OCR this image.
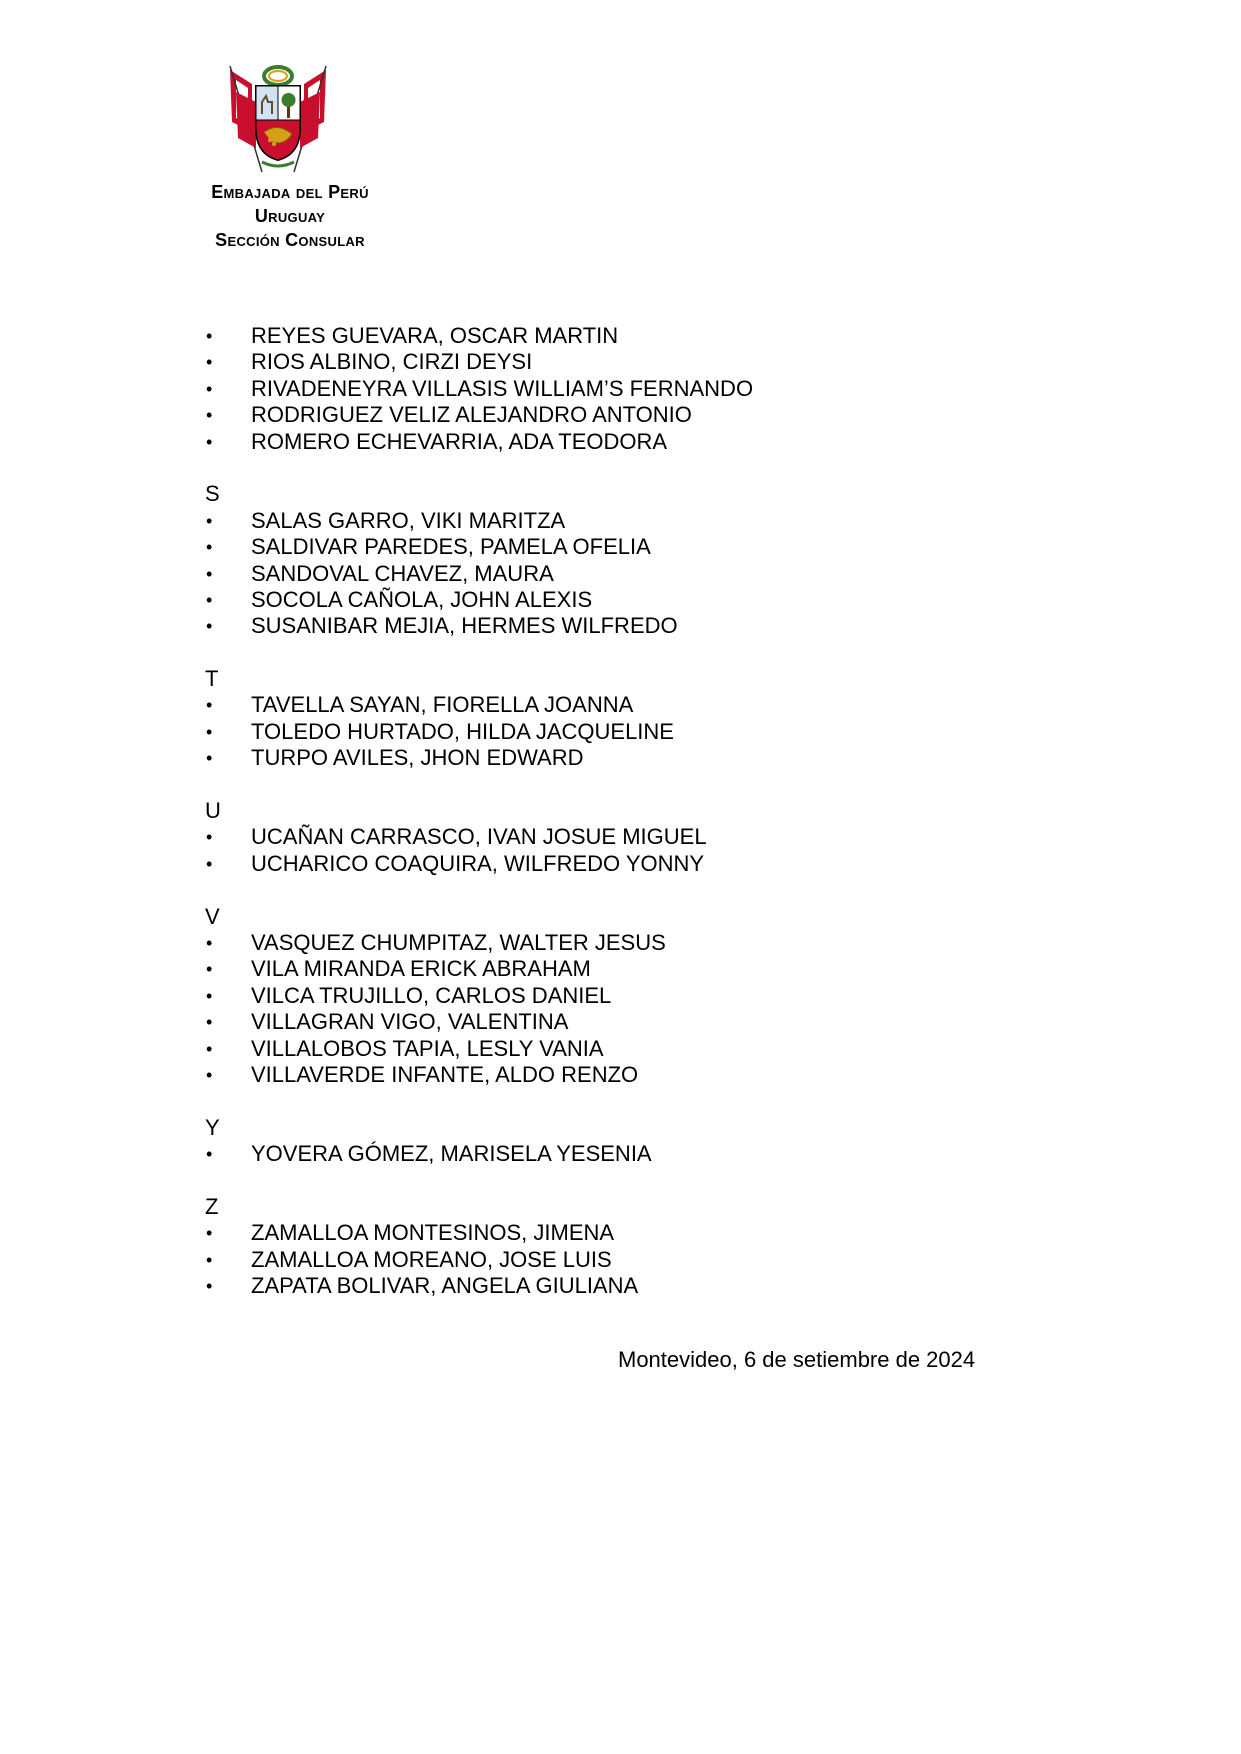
Embajada del Perú
Uruguay
Sección Consular
• REYES GUEVARA, OSCAR MARTIN
• RIOS ALBINO, CIRZI DEYSI
• RIVADENEYRA VILLASIS WILLIAM’S FERNANDO
• RODRIGUEZ VELIZ ALEJANDRO ANTONIO
• ROMERO ECHEVARRIA, ADA TEODORA
S
• SALAS GARRO, VIKI MARITZA
• SALDIVAR PAREDES, PAMELA OFELIA
• SANDOVAL CHAVEZ, MAURA
• SOCOLA CAÑOLA, JOHN ALEXIS
• SUSANIBAR MEJIA, HERMES WILFREDO
T
• TAVELLA SAYAN, FIORELLA JOANNA
• TOLEDO HURTADO, HILDA JACQUELINE
• TURPO AVILES, JHON EDWARD
U
• UCAÑAN CARRASCO, IVAN JOSUE MIGUEL
• UCHARICO COAQUIRA, WILFREDO YONNY
V
• VASQUEZ CHUMPITAZ, WALTER JESUS
• VILA MIRANDA ERICK ABRAHAM
• VILCA TRUJILLO, CARLOS DANIEL
• VILLAGRAN VIGO, VALENTINA
• VILLALOBOS TAPIA, LESLY VANIA
• VILLAVERDE INFANTE, ALDO RENZO
Y
• YOVERA GÓMEZ, MARISELA YESENIA
Z
• ZAMALLOA MONTESINOS, JIMENA
• ZAMALLOA MOREANO, JOSE LUIS
• ZAPATA BOLIVAR, ANGELA GIULIANA
Montevideo, 6 de setiembre de 2024
